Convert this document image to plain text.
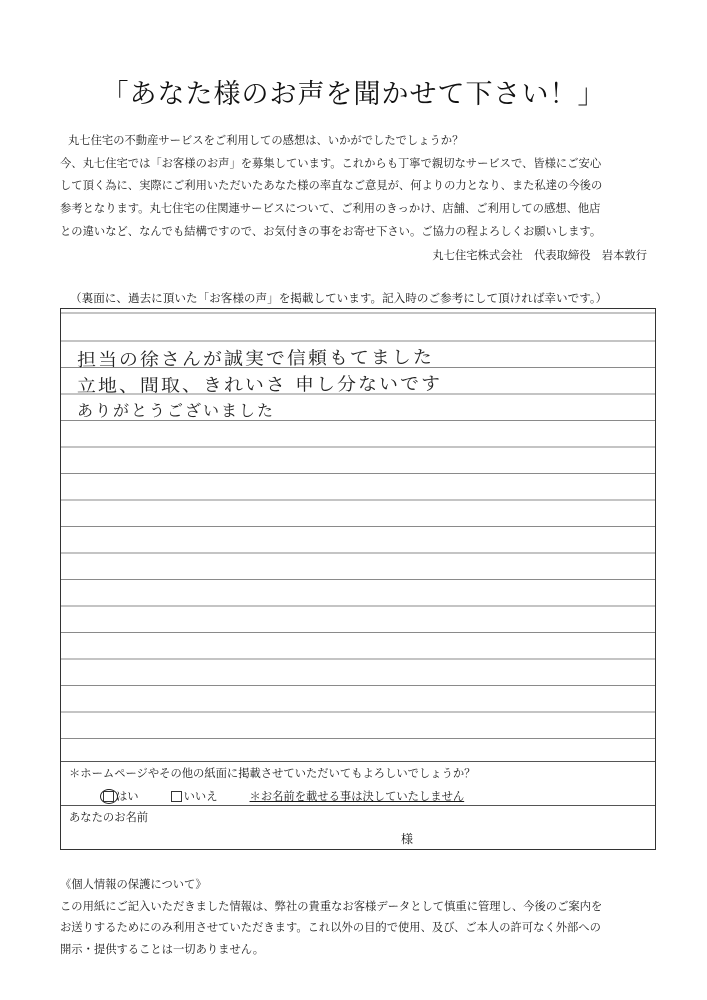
「あなた様のお声を聞かせて下さい！」

丸七住宅の不動産サービスをご利用しての感想は、いかがでしたでしょうか？

今、丸七住宅では「お客様のお声」を募集しています。これからも丁寧で親切なサービスで、皆様にご安心

して頂く為に、実際にご利用いただいたあなた様の率直なご意見が、何よりの力となり、また私達の今後の

参考となります。丸七住宅の住関連サービスについて、ご利用のきっかけ、店舗、ご利用しての感想、他店

との違いなど、なんでも結構ですので、お気付きの事をお寄せ下さい。ご協力の程よろしくお願いします。

丸七住宅株式会社　代表取締役　岩本敦行
（裏面に、過去に頂いた「お客様の声」を掲載しています。記入時のご参考にして頂ければ幸いです。）
担当の徐さんが誠実で信頼もてました
立地、間取、きれいさ 申し分ないです
ありがとうございました
＊ホームページやその他の紙面に掲載させていただいてもよろしいでしょうか？
はい	いいえ	＊お名前を載せる事は決していたしません
あなたのお名前
様

《個人情報の保護について》

この用紙にご記入いただきました情報は、弊社の貴重なお客様データとして慎重に管理し、今後のご案内を

お送りするためにのみ利用させていただきます。これ以外の目的で使用、及び、ご本人の許可なく外部への

開示・提供することは一切ありません。
